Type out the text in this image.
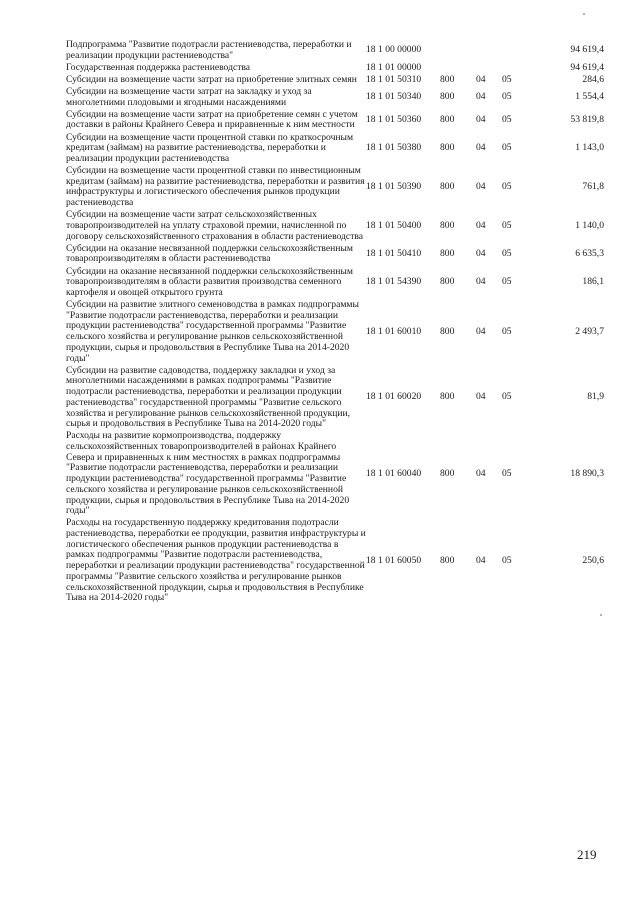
Подпрограмма "Развитие подотрасли растениеводства, переработки и реализации продукции растениеводства"	18 1 00 00000				94 619,4
Государственная поддержка растениеводства	18 1 01 00000				94 619,4
Субсидии на возмещение части затрат на приобретение элитных семян	18 1 01 50310	800	04	05	284,6
Субсидии на возмещение части затрат на закладку и уход за многолетними плодовыми и ягодными насаждениями	18 1 01 50340	800	04	05	1 554,4
Субсидии на возмещение части затрат на приобретение семян с учетом доставки в районы Крайнего Севера и приравненные к ним местности	18 1 01 50360	800	04	05	53 819,8
Субсидии на возмещение части процентной ставки по краткосрочным кредитам (займам) на развитие растениеводства, переработки и реализации продукции растениеводства	18 1 01 50380	800	04	05	1 143,0
Субсидии на возмещение части процентной ставки по инвестиционным кредитам (займам) на развитие растениеводства, переработки и развития инфраструктуры и логистического обеспечения рынков продукции растениеводства	18 1 01 50390	800	04	05	761,8
Субсидии на возмещение части затрат сельскохозяйственных товаропроизводителей на уплату страховой премии, начисленной по договору сельскохозяйственного страхования в области растениеводства	18 1 01 50400	800	04	05	1 140,0
Субсидии на оказание несвязанной поддержки сельскохозяйственным товаропроизводителям в области растениеводства	18 1 01 50410	800	04	05	6 635,3
Субсидии на оказание несвязанной поддержки сельскохозяйственным товаропроизводителям в области развития производства семенного картофеля и овощей открытого грунта	18 1 01 54390	800	04	05	186,1
Субсидии на развитие элитного семеноводства в рамках подпрограммы "Развитие подотрасли растениеводства, переработки и реализации продукции растениеводства" государственной программы "Развитие сельского хозяйства и регулирование рынков сельскохозяйственной продукции, сырья и продовольствия в Республике Тыва на 2014-2020 годы"	18 1 01 60010	800	04	05	2 493,7
Субсидии на развитие садоводства, поддержку закладки и уход за многолетними насаждениями в рамках подпрограммы "Развитие подотрасли растениеводства, переработки и реализации продукции растениеводства" государственной программы "Развитие сельского хозяйства и регулирование рынков сельскохозяйственной продукции, сырья и продовольствия в Республике Тыва на 2014-2020 годы"	18 1 01 60020	800	04	05	81,9
Расходы на развитие кормопроизводства, поддержку сельскохозяйственных товаропроизводителей в районах Крайнего Севера и приравненных к ним местностях в рамках подпрограммы "Развитие подотрасли растениеводства, переработки и реализации продукции растениеводства" государственной программы "Развитие сельского хозяйства и регулирование рынков сельскохозяйственной продукции, сырья и продовольствия в Республике Тыва на 2014-2020 годы"	18 1 01 60040	800	04	05	18 890,3
Расходы на государственную поддержку кредитования подотрасли растениеводства, переработки ее продукции, развития инфраструктуры и логистического обеспечения рынков продукции растениеводства в рамках подпрограммы "Развитие подотрасли растениеводства, переработки и реализации продукции растениеводства" государственной программы "Развитие сельского хозяйства и регулирование рынков сельскохозяйственной продукции, сырья и продовольствия в Республике Тыва на 2014-2020 годы"	18 1 01 60050	800	04	05	250,6
219
